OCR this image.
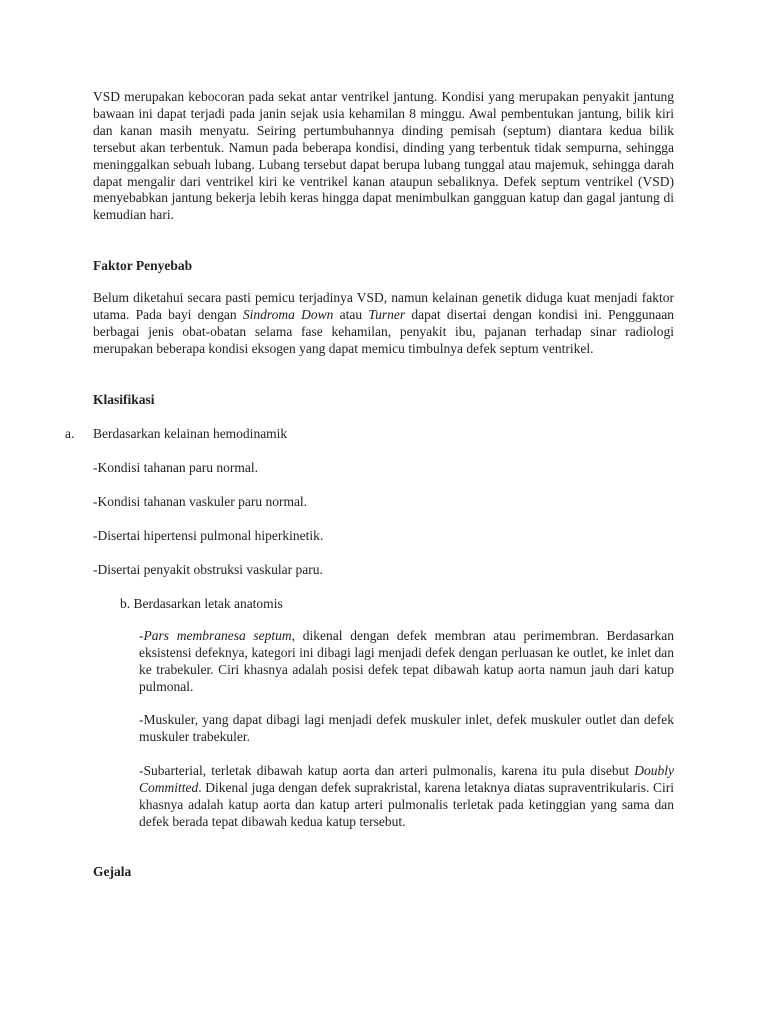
VSD merupakan kebocoran pada sekat antar ventrikel jantung. Kondisi yang merupakan penyakit jantung bawaan ini dapat terjadi pada janin sejak usia kehamilan 8 minggu. Awal pembentukan jantung, bilik kiri dan kanan masih menyatu. Seiring pertumbuhannya dinding pemisah (septum) diantara kedua bilik tersebut akan terbentuk. Namun pada beberapa kondisi, dinding yang terbentuk tidak sempurna, sehingga meninggalkan sebuah lubang. Lubang tersebut dapat berupa lubang tunggal atau majemuk, sehingga darah dapat mengalir dari ventrikel kiri ke ventrikel kanan ataupun sebaliknya. Defek septum ventrikel (VSD) menyebabkan jantung bekerja lebih keras hingga dapat menimbulkan gangguan katup dan gagal jantung di kemudian hari.

Faktor Penyebab

Belum diketahui secara pasti pemicu terjadinya VSD, namun kelainan genetik diduga kuat menjadi faktor utama. Pada bayi dengan Sindroma Down atau Turner dapat disertai dengan kondisi ini. Penggunaan berbagai jenis obat-obatan selama fase kehamilan, penyakit ibu, pajanan terhadap sinar radiologi merupakan beberapa kondisi eksogen yang dapat memicu timbulnya defek septum ventrikel.

Klasifikasi
a. Berdasarkan kelainan hemodinamik
-Kondisi tahanan paru normal.
-Kondisi tahanan vaskuler paru normal.
-Disertai hipertensi pulmonal hiperkinetik.
-Disertai penyakit obstruksi vaskular paru.
b. Berdasarkan letak anatomis

-Pars membranesa septum, dikenal dengan defek membran atau perimembran. Berdasarkan eksistensi defeknya, kategori ini dibagi lagi menjadi defek dengan perluasan ke outlet, ke inlet dan ke trabekuler. Ciri khasnya adalah posisi defek tepat dibawah katup aorta namun jauh dari katup pulmonal.

-Muskuler, yang dapat dibagi lagi menjadi defek muskuler inlet, defek muskuler outlet dan defek muskuler trabekuler.

-Subarterial, terletak dibawah katup aorta dan arteri pulmonalis, karena itu pula disebut Doubly Committed. Dikenal juga dengan defek suprakristal, karena letaknya diatas supraventrikularis. Ciri khasnya adalah katup aorta dan katup arteri pulmonalis terletak pada ketinggian yang sama dan defek berada tepat dibawah kedua katup tersebut.

Gejala
